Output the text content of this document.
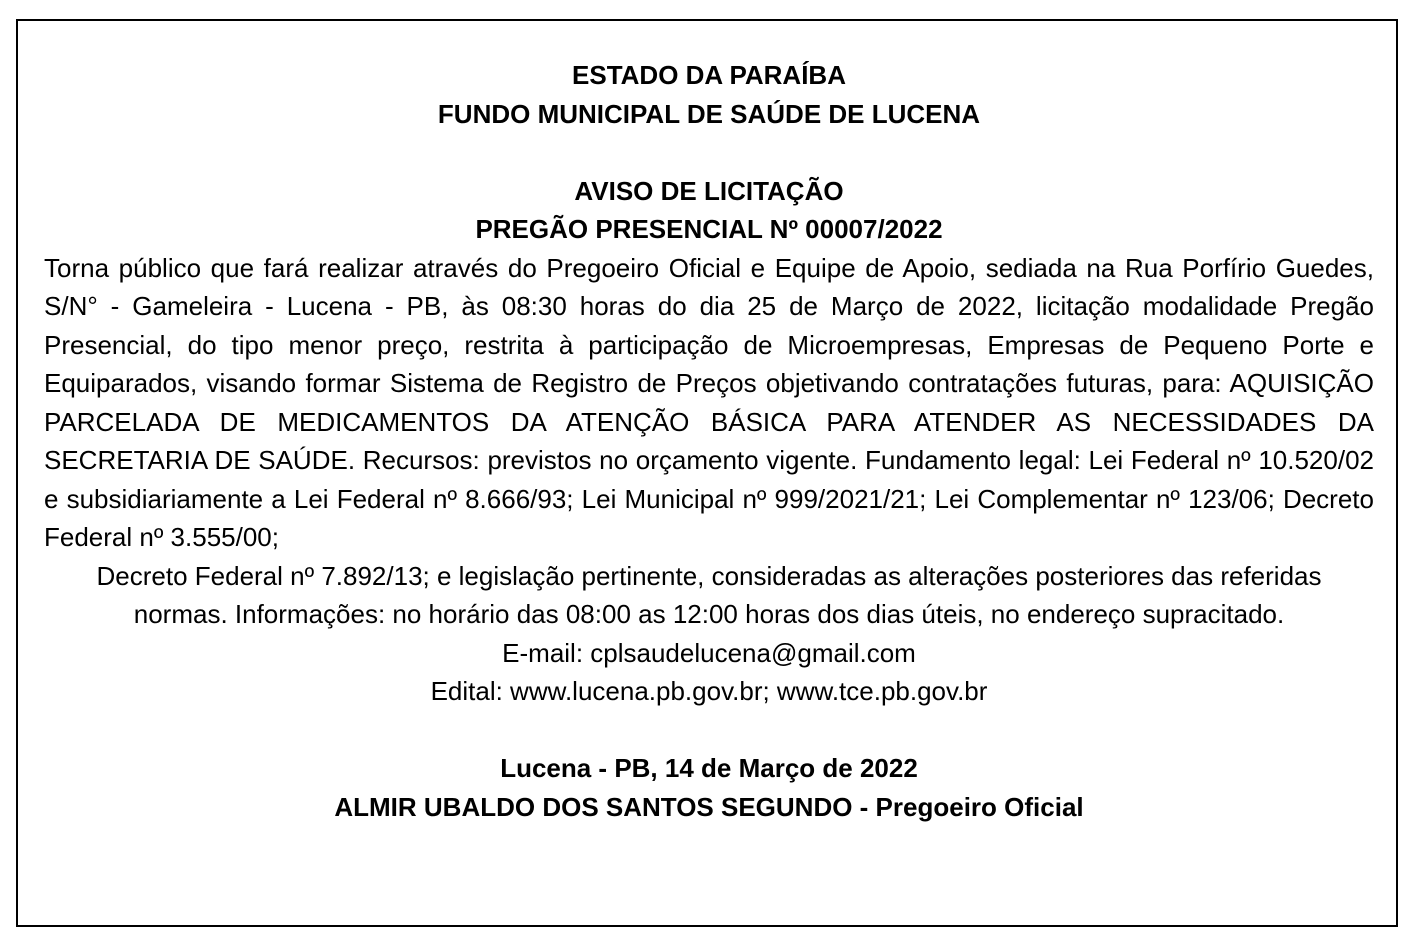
ESTADO DA PARAÍBA

FUNDO MUNICIPAL DE SAÚDE DE LUCENA

AVISO DE LICITAÇÃO

PREGÃO PRESENCIAL Nº 00007/2022

Torna público que fará realizar através do Pregoeiro Oficial e Equipe de Apoio, sediada na Rua Porfírio Guedes, S/N° - Gameleira - Lucena - PB, às 08:30 horas do dia 25 de Março de 2022, licitação modalidade Pregão Presencial, do tipo menor preço, restrita à participação de Microempresas, Empresas de Pequeno Porte e Equiparados, visando formar Sistema de Registro de Preços objetivando contratações futuras, para: AQUISIÇÃO PARCELADA DE MEDICAMENTOS DA ATENÇÃO BÁSICA PARA ATENDER AS NECESSIDADES DA SECRETARIA DE SAÚDE. Recursos: previstos no orçamento vigente. Fundamento legal: Lei Federal nº 10.520/02 e subsidiariamente a Lei Federal nº 8.666/93; Lei Municipal nº 999/2021/21; Lei Complementar nº 123/06; Decreto Federal nº 3.555/00;

Decreto Federal nº 7.892/13; e legislação pertinente, consideradas as alterações posteriores das referidas normas. Informações: no horário das 08:00 as 12:00 horas dos dias úteis, no endereço supracitado.

E-mail: cplsaudelucena@gmail.com

Edital: www.lucena.pb.gov.br; www.tce.pb.gov.br

Lucena - PB, 14 de Março de 2022

ALMIR UBALDO DOS SANTOS SEGUNDO - Pregoeiro Oficial
